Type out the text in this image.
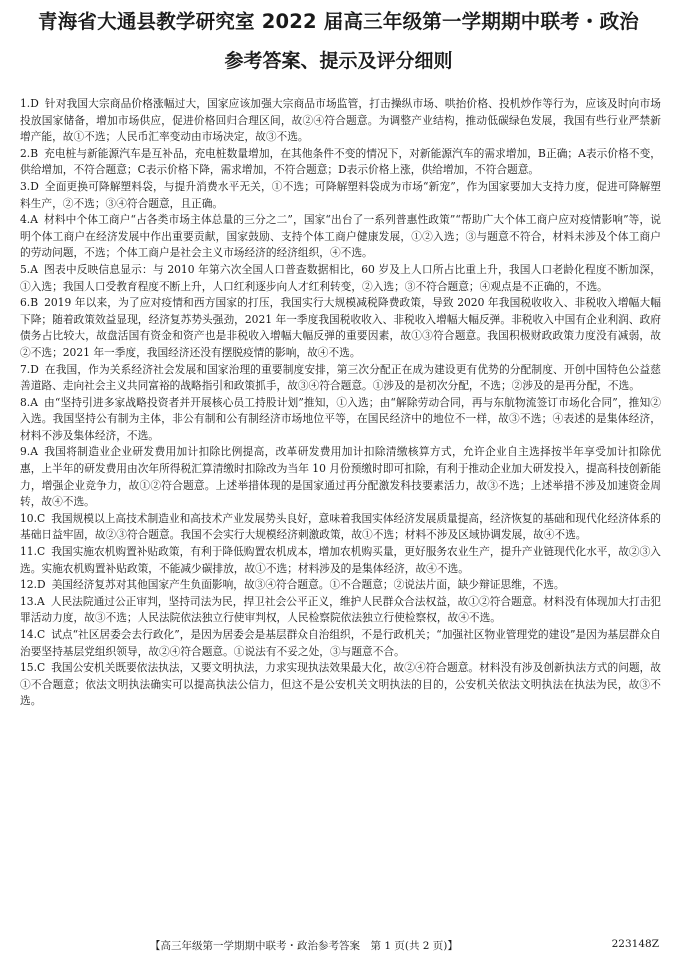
青海省大通县教学研究室 2022 届高三年级第一学期期中联考・政治
参考答案、提示及评分细则

1.D 针对我国大宗商品价格涨幅过大，国家应该加强大宗商品市场监管，打击操纵市场、哄抬价格、投机炒作等行为，应该及时向市场投放国家储备，增加市场供应，促进价格回归合理区间，故②④符合题意。为调整产业结构，推动低碳绿色发展，我国有些行业严禁新增产能，故①不选；人民币汇率变动由市场决定，故③不选。

2.B 充电桩与新能源汽车是互补品，充电桩数量增加，在其他条件不变的情况下，对新能源汽车的需求增加，B正确；A表示价格不变，供给增加，不符合题意；C表示价格下降，需求增加，不符合题意；D表示价格上涨，供给增加，不符合题意。

3.D 全面更换可降解塑料袋，与提升消费水平无关，①不选；可降解塑料袋成为市场“新宠”，作为国家要加大支持力度，促进可降解塑料生产，②不选；③④符合题意，且正确。

4.A 材料中个体工商户“占各类市场主体总量的三分之二”，国家“出台了一系列普惠性政策”“帮助广大个体工商户应对疫情影响”等，说明个体工商户在经济发展中作出重要贡献，国家鼓励、支持个体工商户健康发展，①②入选；③与题意不符合，材料未涉及个体工商户的劳动问题，不选；个体工商户是社会主义市场经济的经济组织，④不选。

5.A 图表中反映信息显示：与 2010 年第六次全国人口普查数据相比，60 岁及上人口所占比重上升，我国人口老龄化程度不断加深，①入选；我国人口受教育程度不断上升，人口红利逐步向人才红利转变，②入选；③不符合题意；④观点是不正确的，不选。

6.B 2019 年以来，为了应对疫情和西方国家的打压，我国实行大规模减税降费政策，导致 2020 年我国税收收入、非税收入增幅大幅下降；随着政策效益显现，经济复苏势头强劲，2021 年一季度我国税收收入、非税收入增幅大幅反弹。非税收入中国有企业利润、政府债务占比较大，故盘活国有资金和资产也是非税收入增幅大幅反弹的重要因素，故①③符合题意。我国积极财政政策力度没有减弱，故②不选；2021 年一季度，我国经济还没有摆脱疫情的影响，故④不选。

7.D 在我国，作为关系经济社会发展和国家治理的重要制度安排，第三次分配正在成为建设更有优势的分配制度、开创中国特色公益慈善道路、走向社会主义共同富裕的战略指引和政策抓手，故③④符合题意。①涉及的是初次分配，不选；②涉及的是再分配，不选。

8.A 由“坚持引进多家战略投资者并开展核心员工持股计划”推知，①入选；由“解除劳动合同，再与东航物流签订市场化合同”，推知②入选。我国坚持公有制为主体，非公有制和公有制经济市场地位平等，在国民经济中的地位不一样，故③不选；④表述的是集体经济，材料不涉及集体经济，不选。

9.A 我国将制造业企业研发费用加计扣除比例提高，改革研发费用加计扣除清缴核算方式，允许企业自主选择按半年享受加计扣除优惠，上半年的研发费用由次年所得税汇算清缴时扣除改为当年 10 月份预缴时即可扣除，有利于推动企业加大研发投入，提高科技创新能力，增强企业竞争力，故①②符合题意。上述举措体现的是国家通过再分配激发科技要素活力，故③不选；上述举措不涉及加速资金周转，故④不选。

10.C 我国规模以上高技术制造业和高技术产业发展势头良好，意味着我国实体经济发展质量提高，经济恢复的基础和现代化经济体系的基础日益牢固，故②③符合题意。我国不会实行大规模经济刺激政策，故①不选；材料不涉及区域协调发展，故④不选。

11.C 我国实施农机购置补贴政策，有利于降低购置农机成本，增加农机购买量，更好服务农业生产，提升产业链现代化水平，故②③入选。实施农机购置补贴政策，不能减少碳排放，故①不选；材料涉及的是集体经济，故④不选。

12.D 美国经济复苏对其他国家产生负面影响，故③④符合题意。①不合题意；②说法片面，缺少辩证思维，不选。

13.A 人民法院通过公正审判，坚持司法为民，捍卫社会公平正义，维护人民群众合法权益，故①②符合题意。材料没有体现加大打击犯罪活动力度，故③不选；人民法院依法独立行使审判权，人民检察院依法独立行使检察权，故④不选。

14.C 试点“社区居委会去行政化”，是因为居委会是基层群众自治组织，不是行政机关；“加强社区物业管理党的建设”是因为基层群众自治要坚持基层党组织领导，故②④符合题意。①说法有不妥之处，③与题意不合。

15.C 我国公安机关既要依法执法，又要文明执法，力求实现执法效果最大化，故②④符合题意。材料没有涉及创新执法方式的问题，故①不合题意；依法文明执法确实可以提高执法公信力，但这不是公安机关文明执法的目的，公安机关依法文明执法在执法为民，故③不选。

【高三年级第一学期期中联考・政治参考答案　第 1 页(共 2 页)】	223148Z
